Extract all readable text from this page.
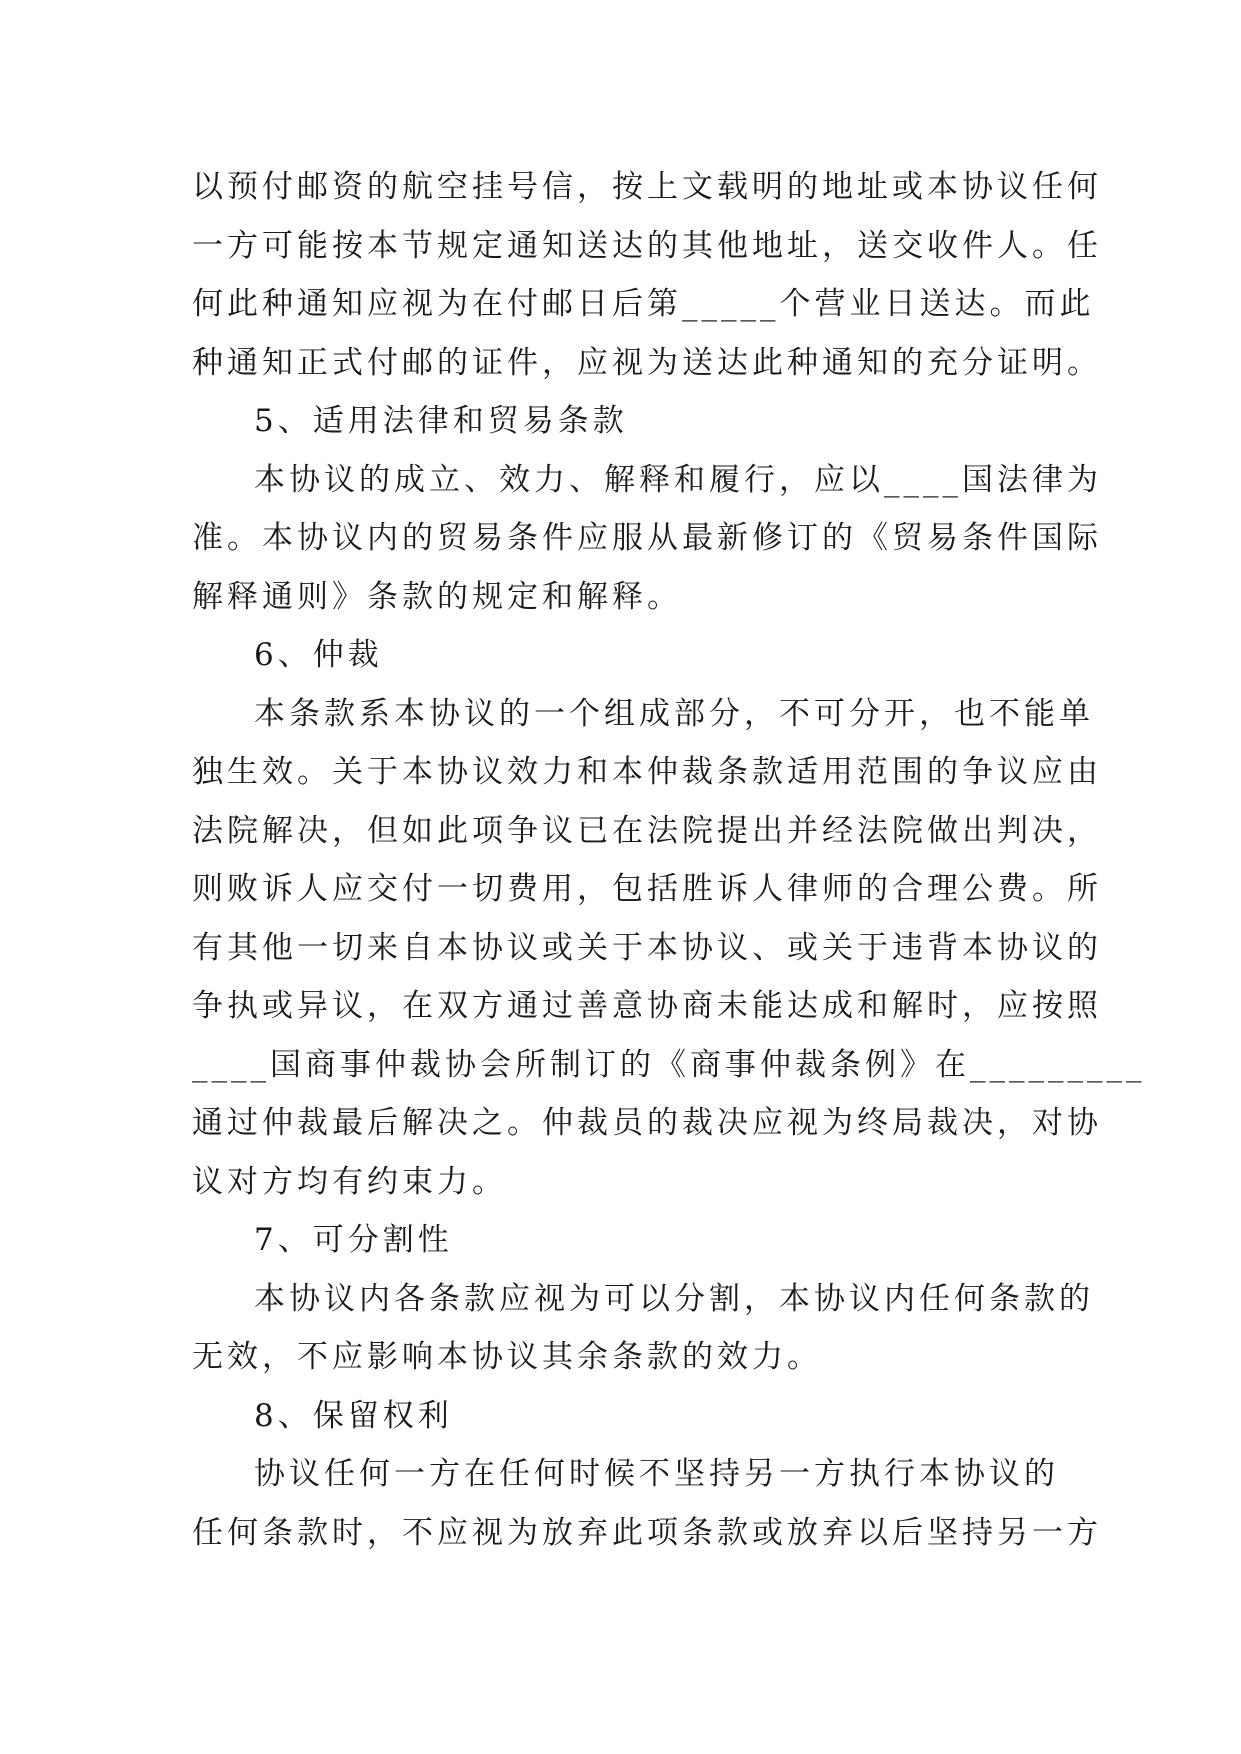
以预付邮资的航空挂号信，按上文载明的地址或本协议任何
一方可能按本节规定通知送达的其他地址，送交收件人。任
何此种通知应视为在付邮日后第_____个营业日送达。而此
种通知正式付邮的证件，应视为送达此种通知的充分证明。
5、适用法律和贸易条款
本协议的成立、效力、解释和履行，应以____国法律为
准。本协议内的贸易条件应服从最新修订的《贸易条件国际
解释通则》条款的规定和解释。
6、仲裁
本条款系本协议的一个组成部分，不可分开，也不能单
独生效。关于本协议效力和本仲裁条款适用范围的争议应由
法院解决，但如此项争议已在法院提出并经法院做出判决，
则败诉人应交付一切费用，包括胜诉人律师的合理公费。所
有其他一切来自本协议或关于本协议、或关于违背本协议的
争执或异议，在双方通过善意协商未能达成和解时，应按照
____国商事仲裁协会所制订的《商事仲裁条例》在_________
通过仲裁最后解决之。仲裁员的裁决应视为终局裁决，对协
议对方均有约束力。
7、可分割性
本协议内各条款应视为可以分割，本协议内任何条款的
无效，不应影响本协议其余条款的效力。
8、保留权利
协议任何一方在任何时候不坚持另一方执行本协议的
任何条款时，不应视为放弃此项条款或放弃以后坚持另一方
